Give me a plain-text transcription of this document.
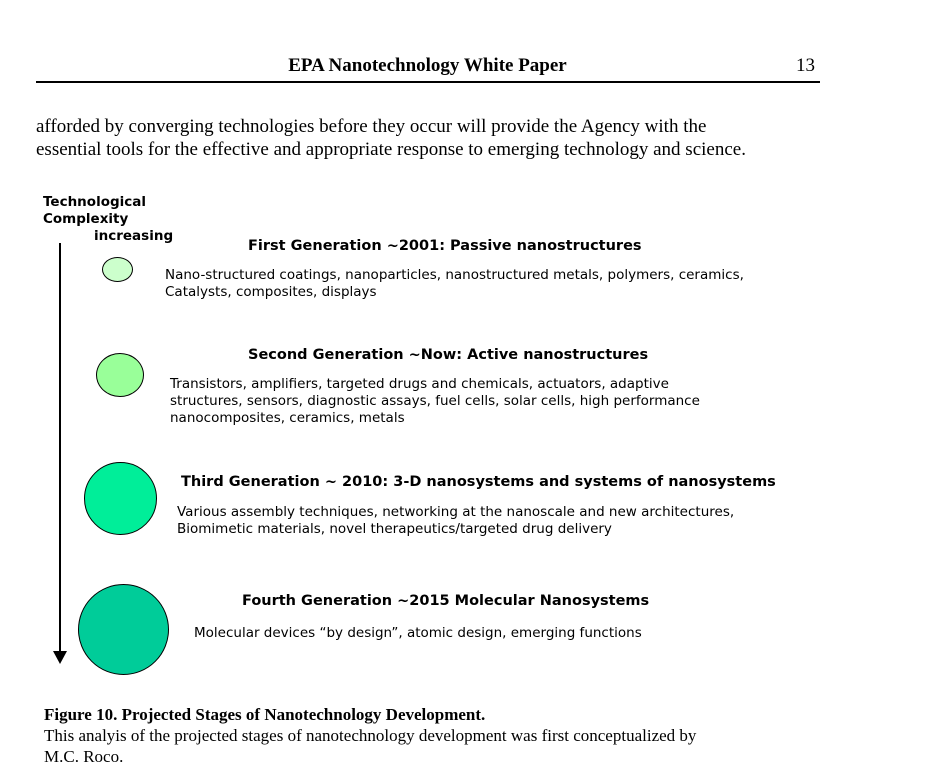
EPA Nanotechnology White Paper	13
afforded by converging technologies before they occur will provide the Agency with the
essential tools for the effective and appropriate response to emerging technology and science.
Technological Complexity
increasing
First Generation ~2001: Passive nanostructures
Nano-structured coatings, nanoparticles, nanostructured metals, polymers, ceramics,
Catalysts, composites, displays
Second Generation ~Now: Active nanostructures
Transistors, amplifiers, targeted drugs and chemicals, actuators, adaptive
structures, sensors, diagnostic assays, fuel cells, solar cells, high performance
nanocomposites, ceramics, metals
Third Generation ~ 2010: 3-D nanosystems and systems of nanosystems
Various assembly techniques, networking at the nanoscale and new architectures,
Biomimetic materials, novel therapeutics/targeted drug delivery
Fourth Generation ~2015 Molecular Nanosystems
Molecular devices “by design”, atomic design, emerging functions
Figure 10. Projected Stages of Nanotechnology Development.
This analyis of the projected stages of nanotechnology development was first conceptualized by
M.C. Roco.
